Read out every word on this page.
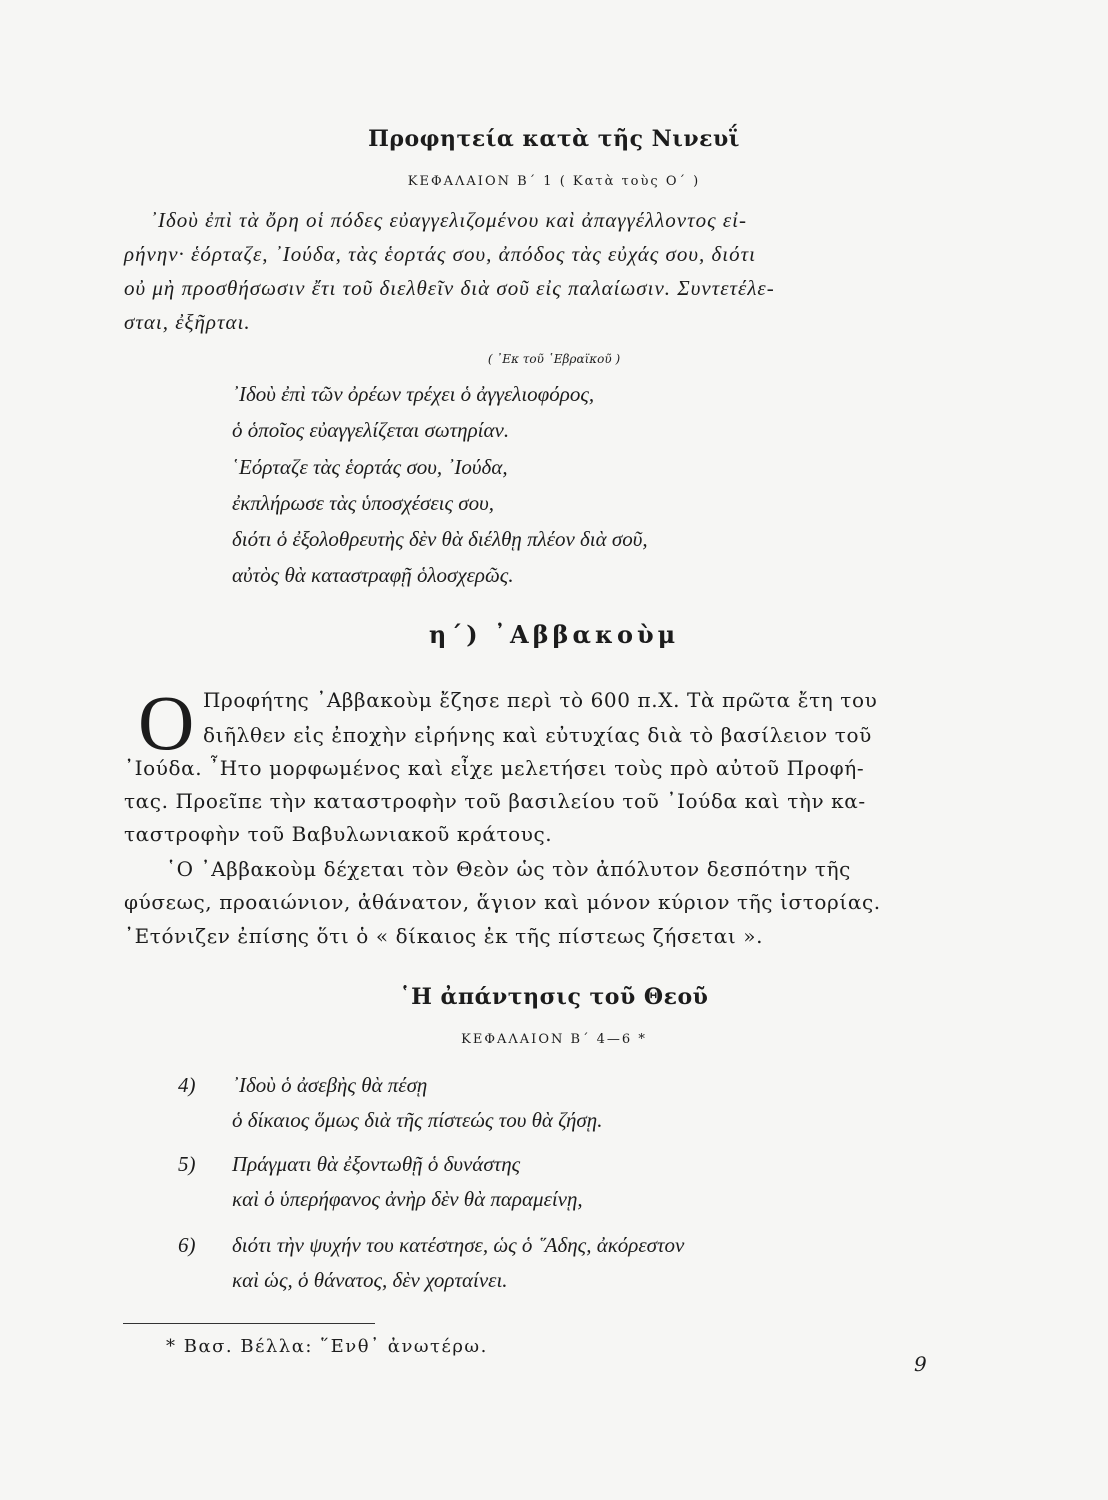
Προφητεία κατὰ τῆς Νινευΐ
ΚΕΦΑΛΑΙΟΝ Β΄ 1 ( Κατὰ τοὺς Ο΄ )
᾿Ιδοὺ ἐπὶ τὰ ὄρη οἱ πόδες εὐαγγελιζομένου καὶ ἀπαγγέλλοντος εἰ-
ρήνην· ἑόρταζε, ᾿Ιούδα, τὰς ἑορτάς σου, ἀπόδος τὰς εὐχάς σου, διότι
οὐ μὴ προσθήσωσιν ἔτι τοῦ διελθεῖν διὰ σοῦ εἰς παλαίωσιν. Συντετέλε-
σται, ἐξῆρται.
( ᾿Εκ τοῦ ῾Εβραϊκοῦ )
᾿Ιδοὺ ἐπὶ τῶν ὀρέων τρέχει ὁ ἀγγελιοφόρος,
ὁ ὁποῖος εὐαγγελίζεται σωτηρίαν.
῾Εόρταζε τὰς ἑορτάς σου, ᾿Ιούδα,
ἐκπλήρωσε τὰς ὑποσχέσεις σου,
διότι ὁ ἐξολοθρευτὴς δὲν θὰ διέλθῃ πλέον διὰ σοῦ,
αὐτὸς θὰ καταστραφῇ ὁλοσχερῶς.
η΄) ᾿Αββακοὺμ
Ο Προφήτης ᾿Αββακοὺμ ἔζησε περὶ τὸ 600 π.Χ. Τὰ πρῶτα ἔτη του
διῆλθεν εἰς ἐποχὴν εἰρήνης καὶ εὐτυχίας διὰ τὸ βασίλειον τοῦ
᾿Ιούδα. ῏Ητο μορφωμένος καὶ εἶχε μελετήσει τοὺς πρὸ αὐτοῦ Προφή-
τας. Προεῖπε τὴν καταστροφὴν τοῦ βασιλείου τοῦ ᾿Ιούδα καὶ τὴν κα-
ταστροφὴν τοῦ Βαβυλωνιακοῦ κράτους.
῾Ο ᾿Αββακοὺμ δέχεται τὸν Θεὸν ὡς τὸν ἀπόλυτον δεσπότην τῆς
φύσεως, προαιώνιον, ἀθάνατον, ἅγιον καὶ μόνον κύριον τῆς ἱστορίας.
᾿Ετόνιζεν ἐπίσης ὅτι ὁ « δίκαιος ἐκ τῆς πίστεως ζήσεται ».
῾Η ἀπάντησις τοῦ Θεοῦ
ΚΕΦΑΛΑΙΟΝ Β΄ 4—6 *
4) ᾿Ιδοὺ ὁ ἀσεβὴς θὰ πέσῃ
ὁ δίκαιος ὅμως διὰ τῆς πίστεώς του θὰ ζήσῃ.
5) Πράγματι θὰ ἐξοντωθῇ ὁ δυνάστης
καὶ ὁ ὑπερήφανος ἀνὴρ δὲν θὰ παραμείνῃ,
6) διότι τὴν ψυχήν του κατέστησε, ὡς ὁ ῞Αδης, ἀκόρεστον
καὶ ὡς, ὁ θάνατος, δὲν χορταίνει.
* Βασ. Βέλλα: ῞Ενθ᾿ ἀνωτέρω.
9
